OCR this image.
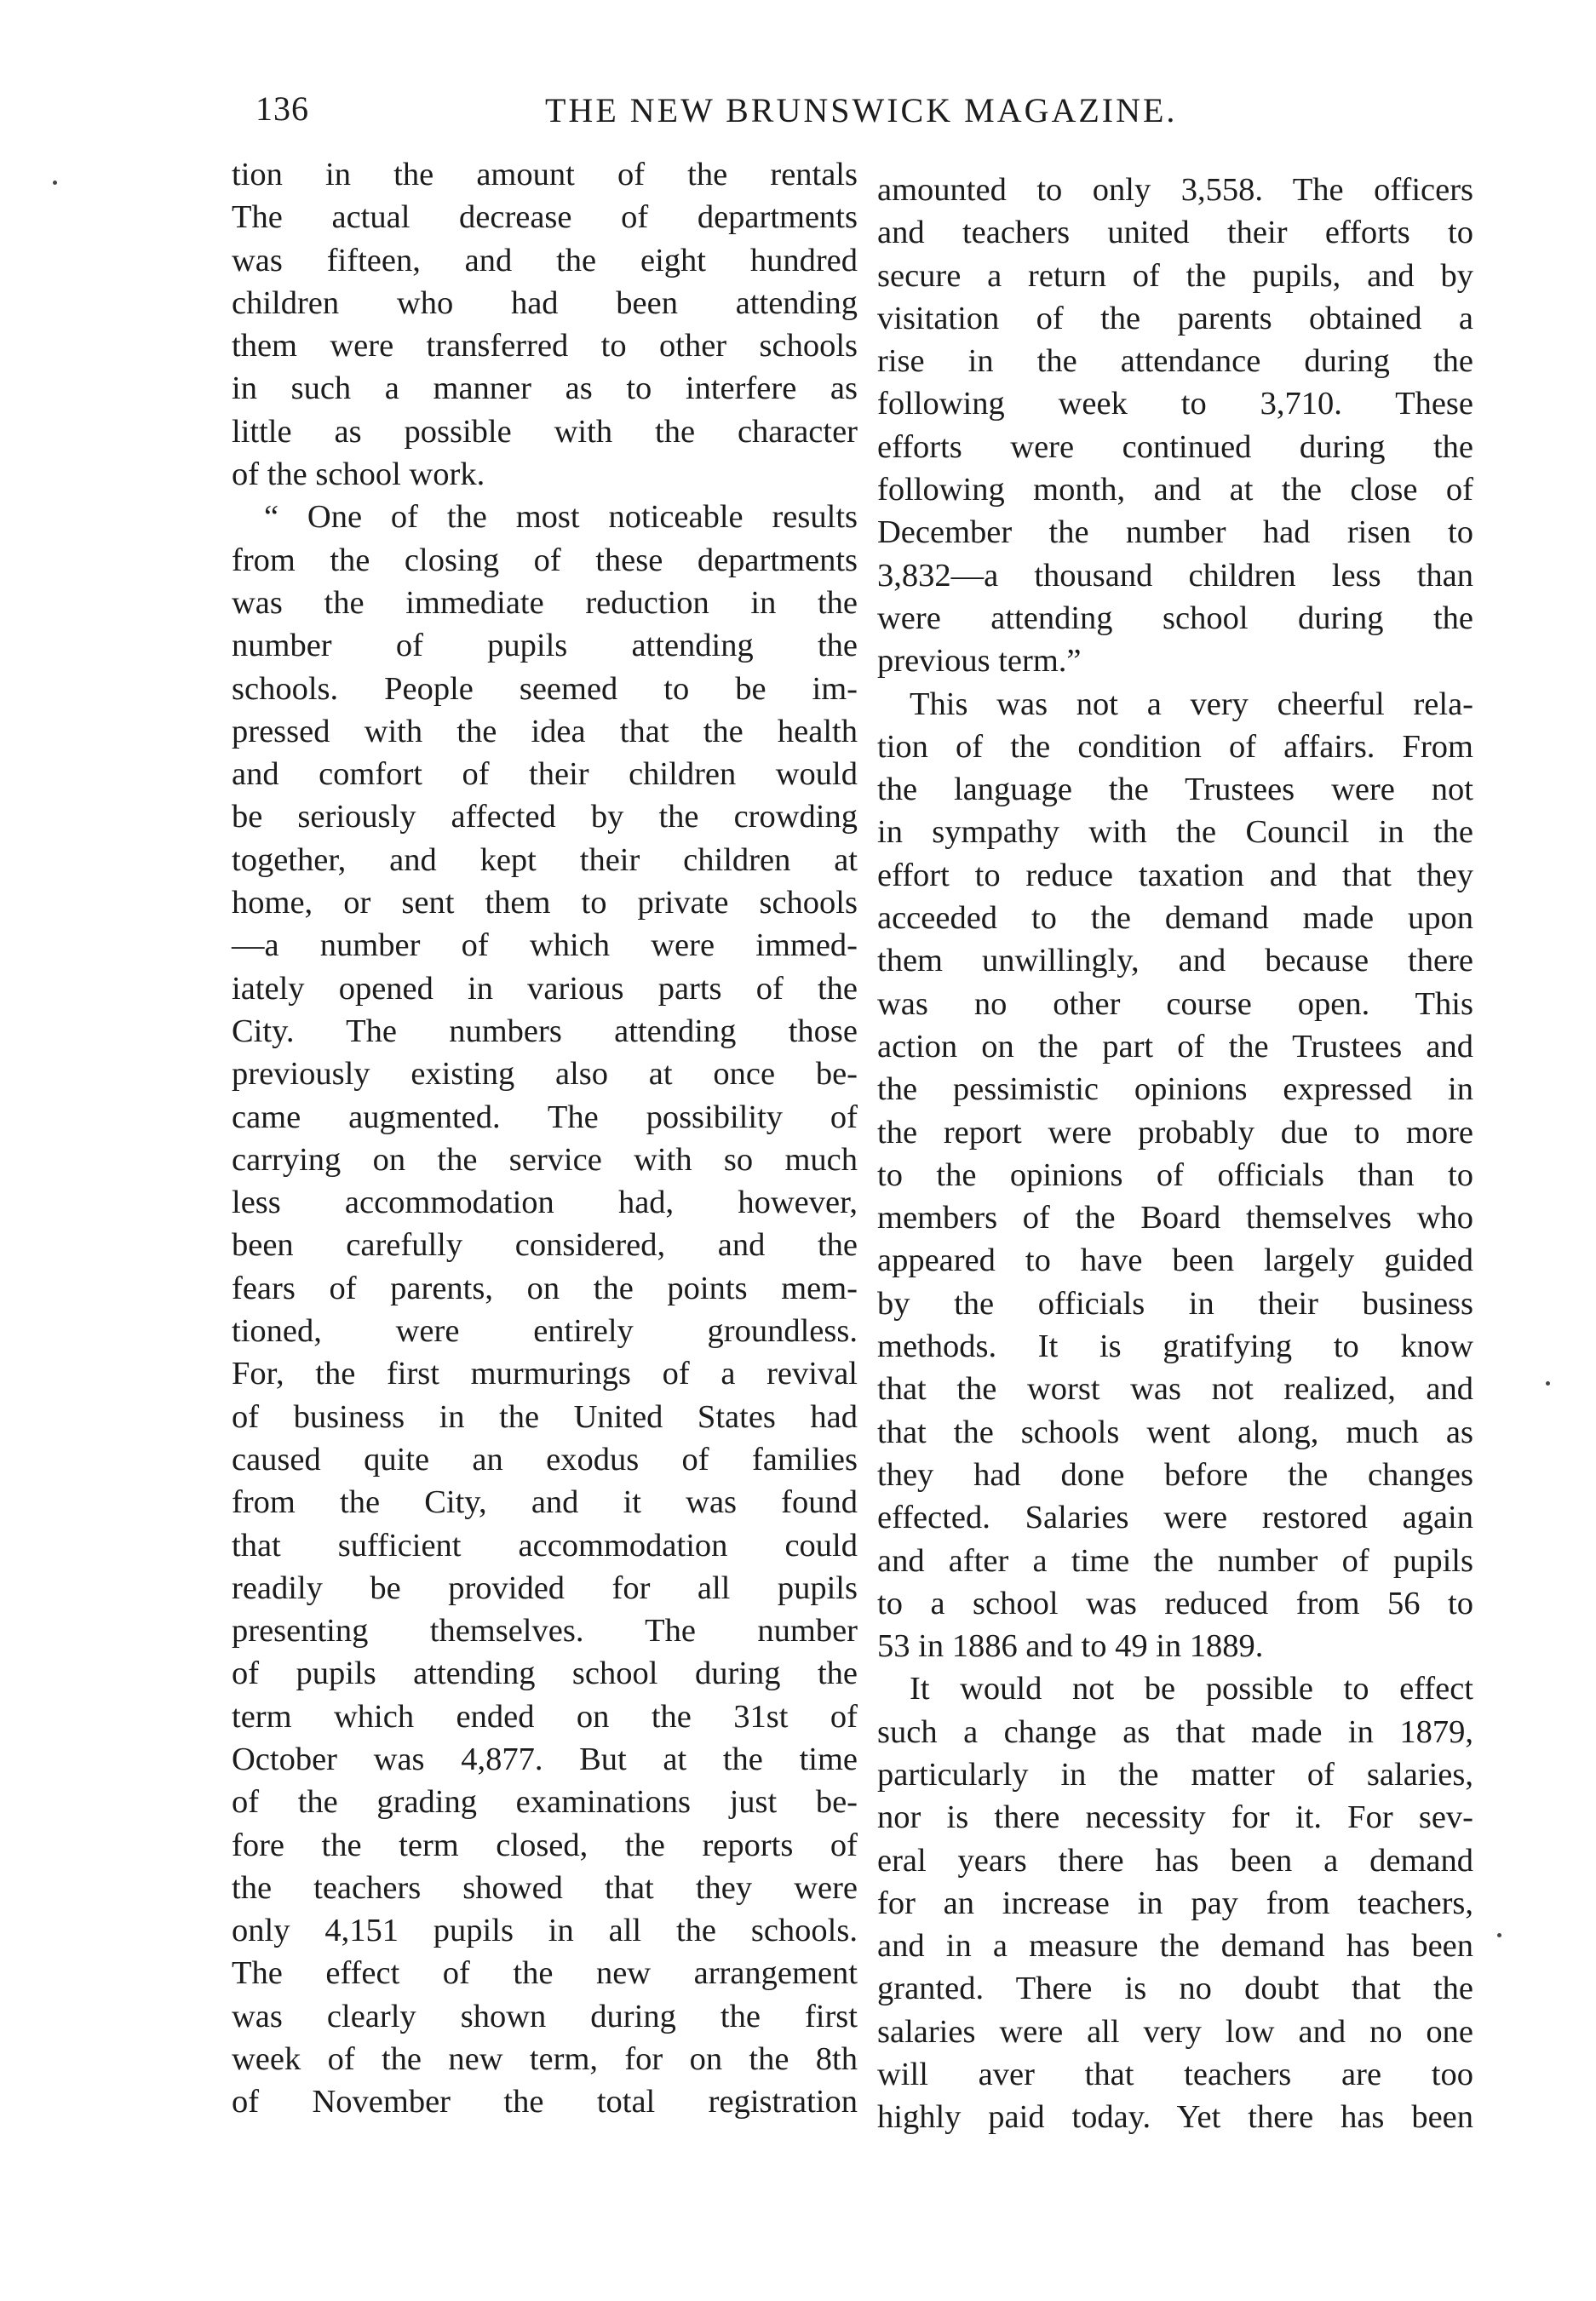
136	THE NEW BRUNSWICK MAGAZINE.
tion in the amount of the rentals
The actual decrease of departments
was fifteen, and the eight hundred
children who had been attending
them were transferred to other schools
in such a manner as to interfere as
little as possible with the character
of the school work.
“ One of the most noticeable results
from the closing of these departments
was the immediate reduction in the
number of pupils attending the
schools. People seemed to be im-
pressed with the idea that the health
and comfort of their children would
be seriously affected by the crowding
together, and kept their children at
home, or sent them to private schools
—a number of which were immed-
iately opened in various parts of the
City. The numbers attending those
previously existing also at once be-
came augmented. The possibility of
carrying on the service with so much
less accommodation had, however,
been carefully considered, and the
fears of parents, on the points mem-
tioned, were entirely groundless.
For, the first murmurings of a revival
of business in the United States had
caused quite an exodus of families
from the City, and it was found
that sufficient accommodation could
readily be provided for all pupils
presenting themselves. The number
of pupils attending school during the
term which ended on the 31st of
October was 4,877. But at the time
of the grading examinations just be-
fore the term closed, the reports of
the teachers showed that they were
only 4,151 pupils in all the schools.
The effect of the new arrangement
was clearly shown during the first
week of the new term, for on the 8th
of November the total registration
amounted to only 3,558. The officers
and teachers united their efforts to
secure a return of the pupils, and by
visitation of the parents obtained a
rise in the attendance during the
following week to 3,710. These
efforts were continued during the
following month, and at the close of
December the number had risen to
3,832—a thousand children less than
were attending school during the
previous term.”
This was not a very cheerful rela-
tion of the condition of affairs. From
the language the Trustees were not
in sympathy with the Council in the
effort to reduce taxation and that they
acceeded to the demand made upon
them unwillingly, and because there
was no other course open. This
action on the part of the Trustees and
the pessimistic opinions expressed in
the report were probably due to more
to the opinions of officials than to
members of the Board themselves who
appeared to have been largely guided
by the officials in their business
methods. It is gratifying to know
that the worst was not realized, and
that the schools went along, much as
they had done before the changes
effected. Salaries were restored again
and after a time the number of pupils
to a school was reduced from 56 to
53 in 1886 and to 49 in 1889.
It would not be possible to effect
such a change as that made in 1879,
particularly in the matter of salaries,
nor is there necessity for it. For sev-
eral years there has been a demand
for an increase in pay from teachers,
and in a measure the demand has been
granted. There is no doubt that the
salaries were all very low and no one
will aver that teachers are too
highly paid today. Yet there has been
